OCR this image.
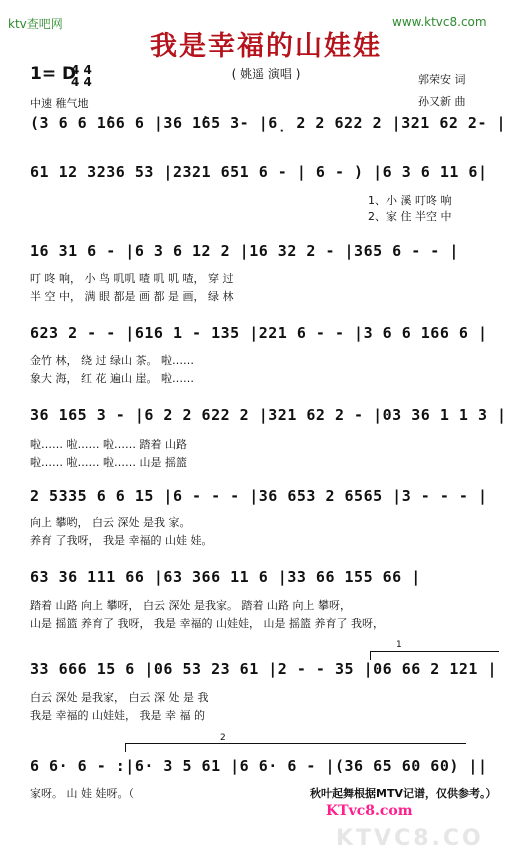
ktv查吧网	www.ktvc8.com
我是幸福的山娃娃
( 姚遥 演唱 )
1= D
4 4
4 4
中速 稚气地
郭荣安 词
孙又新 曲
(3 6 6 1̇66 6 |36 1̇65 3- |6̣ 2 2 622 2 |321 62 2- |
61 12 3236 53 |2321 651 6 - | 6 - ) |6 3 6 11 6|
1、小 溪 叮咚 响
2、家 住 半空 中
16 31 6 - |6 3 6 12 2 |16 32 2 - |365 6 - - |
叮 咚 响， 小 鸟 叽叽 喳 叽 叽 喳， 穿 过
半 空 中， 满 眼 都是 画 都 是 画， 绿 林
623 2 - - |616 1 - 135 |221 6 - - |3 6 6 166 6 |
金竹 林， 绕 过 绿山 茶。 啦……
象大 海， 红 花 遍山 崖。 啦……
36 165 3 - |6 2 2 622 2 |321 62 2 - |03 36 1 1 3 |
啦…… 啦…… 啦…… 踏着 山路
啦…… 啦…… 啦…… 山是 摇篮
2 5335 6 6 15 |6 - - - |36 653 2 6565 |3 - - - |
向上 攀哟， 白云 深处 是我 家。
养育 了我呀， 我是 幸福的 山娃 娃。
63 36 111 66 |63 366 11 6 |33 66 155 66 |
踏着 山路 向上 攀呀， 白云 深处 是我家。 踏着 山路 向上 攀呀，
山是 摇篮 养育了 我呀， 我是 幸福的 山娃娃， 山是 摇篮 养育了 我呀，
1
33 666 15 6 |06 53 23 61 |2 - - 35 |06 66 2 121 |
白云 深处 是我家， 白云 深 处 是 我
我是 幸福的 山娃娃， 我是 幸 福 的
2
6 6· 6 - :|6· 3 5 61 |6 6· 6 - |(36 65 60 60) ||
家呀。 山 娃 娃呀。（	秋叶起舞根据MTV记谱，仅供参考。）
KTvc8.com
KTVC8.CO
